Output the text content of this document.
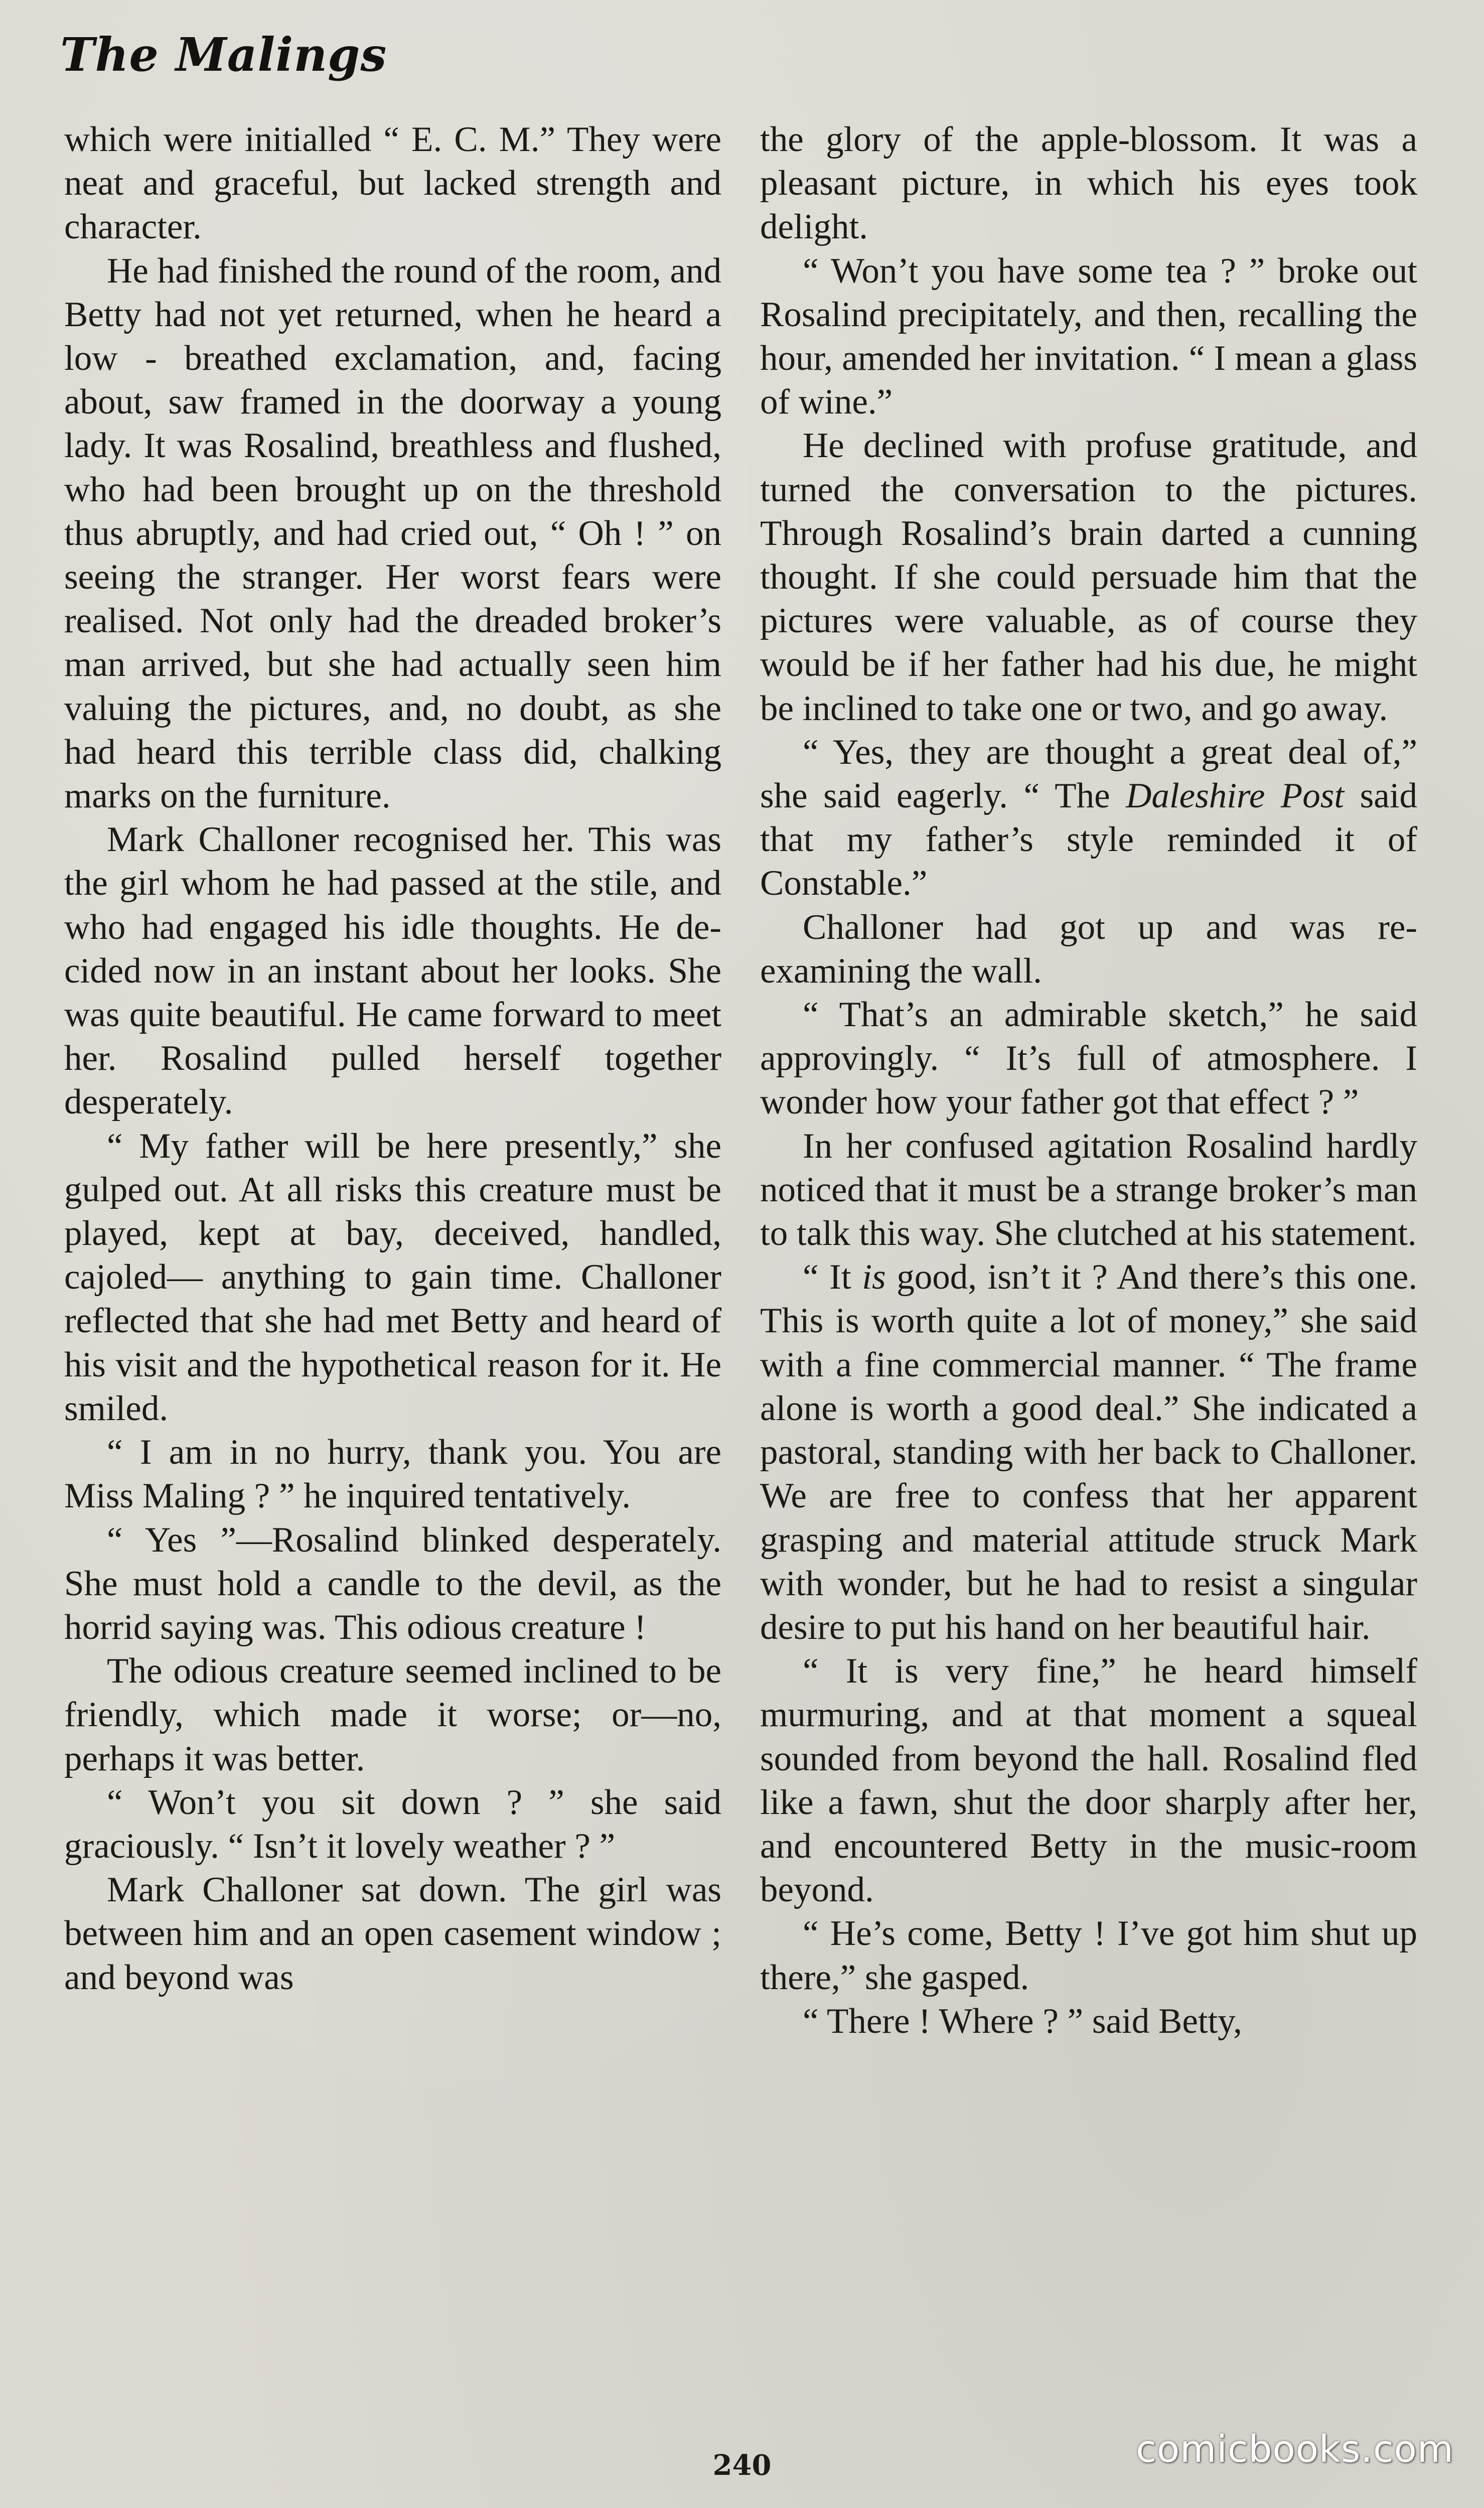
The Malings

which were initialled “ E. C. M.” They were neat and graceful, but lacked strength and character.

He had finished the round of the room, and Betty had not yet returned, when he heard a low - breathed exclamation, and, facing about, saw framed in the doorway a young lady. It was Rosalind, breathless and flushed, who had been brought up on the threshold thus abruptly, and had cried out, “ Oh ! ” on seeing the stranger. Her worst fears were realised. Not only had the dreaded broker’s man arrived, but she had actually seen him valuing the pictures, and, no doubt, as she had heard this terrible class did, chalking marks on the furniture.

Mark Challoner recognised her. This was the girl whom he had passed at the stile, and who had engaged his idle thoughts. He decided now in an instant about her looks. She was quite beautiful. He came forward to meet her. Rosalind pulled herself together desperately.

“ My father will be here presently,” she gulped out. At all risks this creature must be played, kept at bay, deceived, handled, cajoled— anything to gain time. Challoner reflected that she had met Betty and heard of his visit and the hypothetical reason for it. He smiled.

“ I am in no hurry, thank you. You are Miss Maling ? ” he inquired tentatively.

“ Yes ”—Rosalind blinked desperately. She must hold a candle to the devil, as the horrid saying was. This odious creature !

The odious creature seemed inclined to be friendly, which made it worse; or—no, perhaps it was better.

“ Won’t you sit down ? ” she said graciously. “ Isn’t it lovely weather ? ”

Mark Challoner sat down. The girl was between him and an open casement window ; and beyond was

the glory of the apple-blossom. It was a pleasant picture, in which his eyes took delight.

“ Won’t you have some tea ? ” broke out Rosalind precipitately, and then, recalling the hour, amended her invitation. “ I mean a glass of wine.”

He declined with profuse gratitude, and turned the conversation to the pictures. Through Rosalind’s brain darted a cunning thought. If she could persuade him that the pictures were valuable, as of course they would be if her father had his due, he might be inclined to take one or two, and go away.

“ Yes, they are thought a great deal of,” she said eagerly. “ The Daleshire Post said that my father’s style reminded it of Constable.”

Challoner had got up and was re-examining the wall.

“ That’s an admirable sketch,” he said approvingly. “ It’s full of atmosphere. I wonder how your father got that effect ? ”

In her confused agitation Rosalind hardly noticed that it must be a strange broker’s man to talk this way. She clutched at his statement.

“ It is good, isn’t it ? And there’s this one. This is worth quite a lot of money,” she said with a fine commercial manner. “ The frame alone is worth a good deal.” She indicated a pastoral, standing with her back to Challoner. We are free to confess that her apparent grasping and material attitude struck Mark with wonder, but he had to resist a singular desire to put his hand on her beautiful hair.

“ It is very fine,” he heard himself murmuring, and at that moment a squeal sounded from beyond the hall. Rosalind fled like a fawn, shut the door sharply after her, and encountered Betty in the music-room beyond.

“ He’s come, Betty ! I’ve got him shut up there,” she gasped.

“ There ! Where ? ” said Betty,

240	comicbooks.com
